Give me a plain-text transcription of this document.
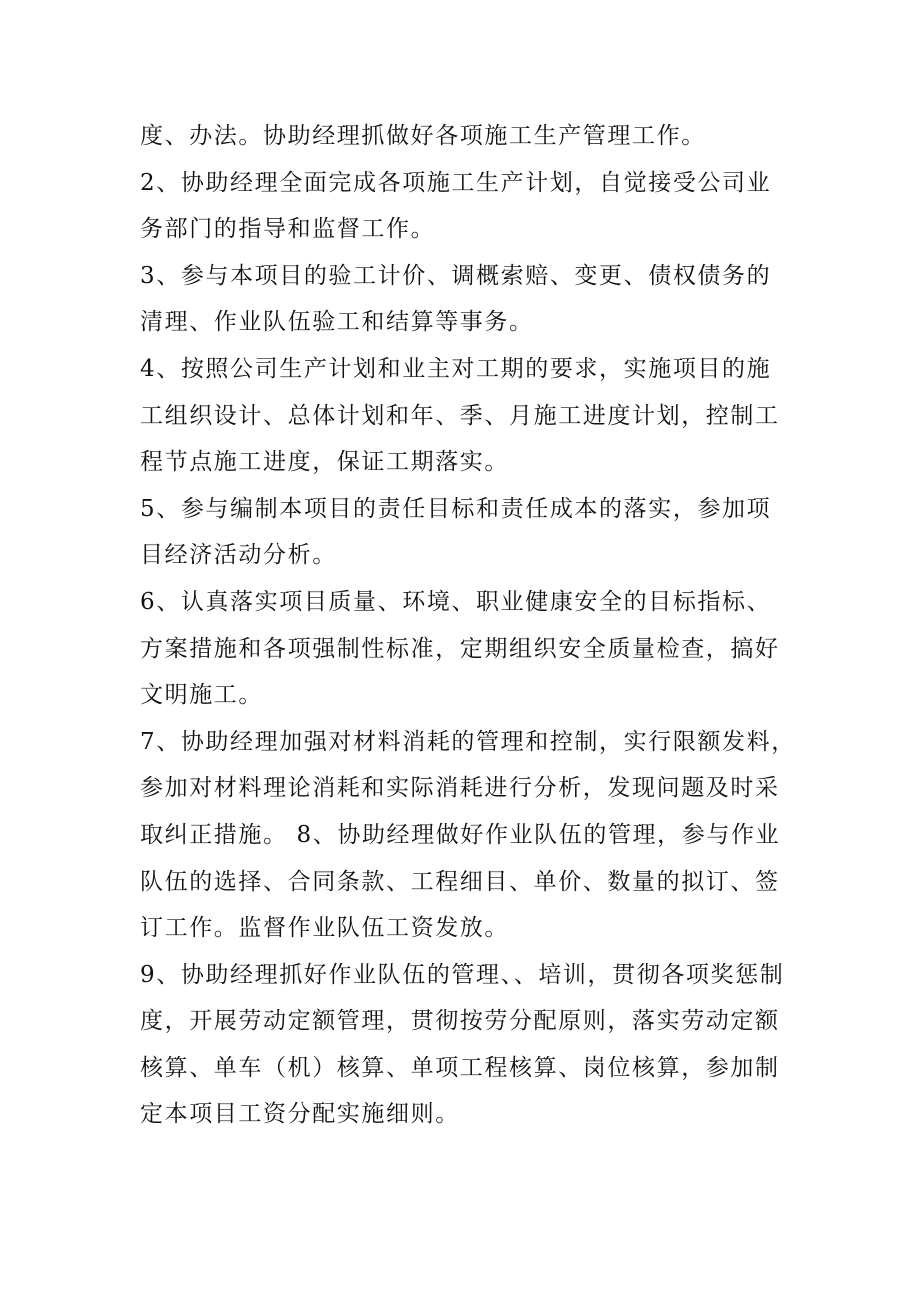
度、办法。协助经理抓做好各项施工生产管理工作。
2、协助经理全面完成各项施工生产计划，自觉接受公司业
务部门的指导和监督工作。
3、参与本项目的验工计价、调概索赔、变更、债权债务的
清理、作业队伍验工和结算等事务。
4、按照公司生产计划和业主对工期的要求，实施项目的施
工组织设计、总体计划和年、季、月施工进度计划，控制工
程节点施工进度，保证工期落实。
5、参与编制本项目的责任目标和责任成本的落实，参加项
目经济活动分析。
6、认真落实项目质量、环境、职业健康安全的目标指标、
方案措施和各项强制性标准，定期组织安全质量检查，搞好
文明施工。
7、协助经理加强对材料消耗的管理和控制，实行限额发料，
参加对材料理论消耗和实际消耗进行分析，发现问题及时采
取纠正措施。 8、协助经理做好作业队伍的管理，参与作业
队伍的选择、合同条款、工程细目、单价、数量的拟订、签
订工作。监督作业队伍工资发放。
9、协助经理抓好作业队伍的管理、、培训，贯彻各项奖惩制
度，开展劳动定额管理，贯彻按劳分配原则，落实劳动定额
核算、单车（机）核算、单项工程核算、岗位核算，参加制
定本项目工资分配实施细则。
